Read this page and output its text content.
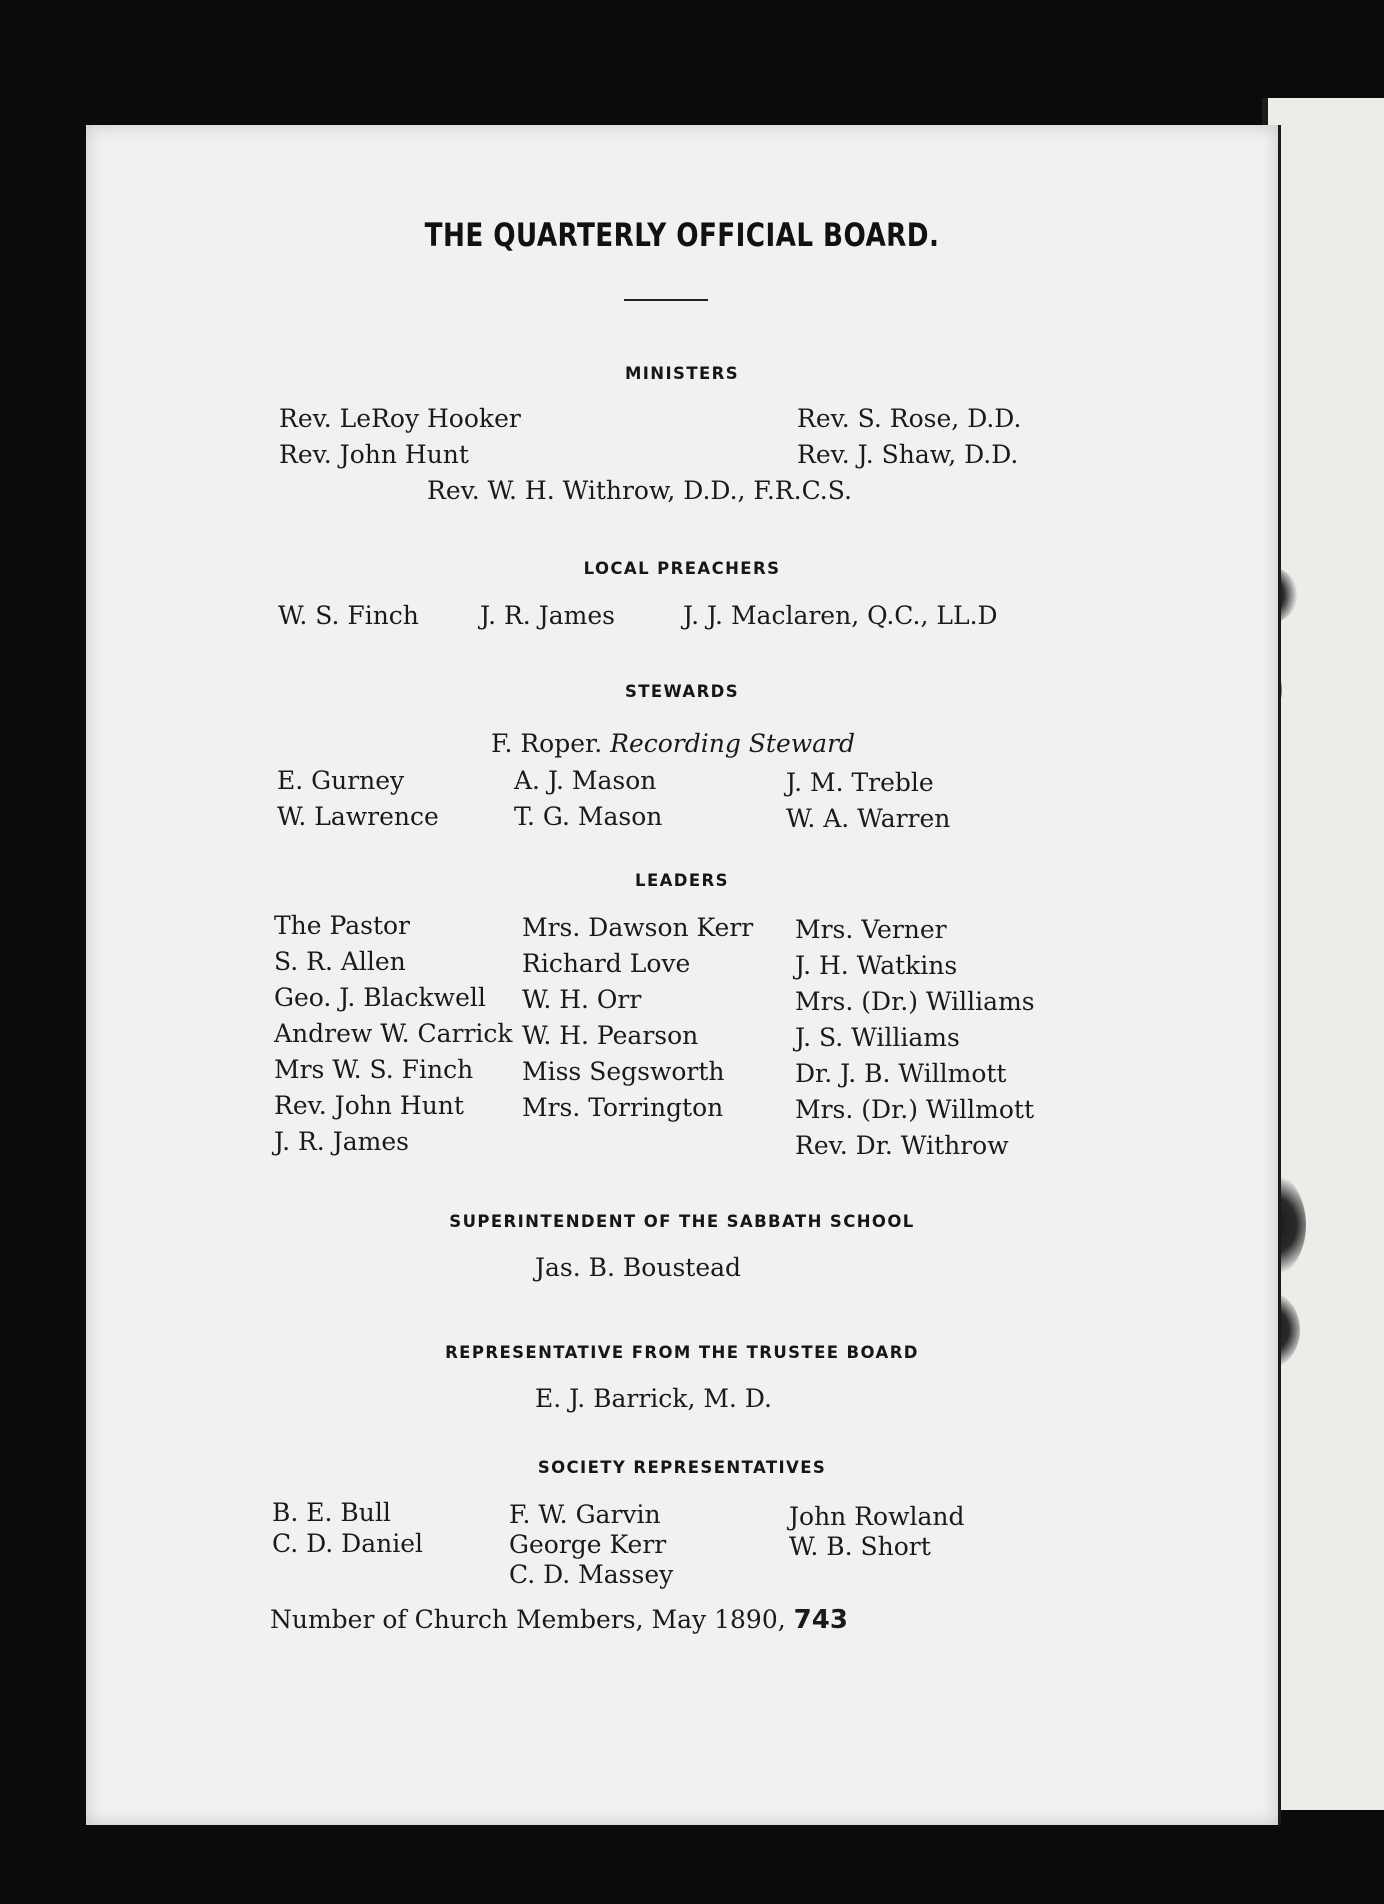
THE QUARTERLY OFFICIAL BOARD.
MINISTERS
Rev. LeRoy Hooker
Rev. John Hunt
Rev. S. Rose, D.D.
Rev. J. Shaw, D.D.
Rev. W. H. Withrow, D.D., F.R.C.S.
LOCAL PREACHERS
W. S. Finch J. R. James	J. J. Maclaren, Q.C., LL.D
STEWARDS
F. Roper. Recording Steward
E. Gurney
W. Lawrence
A. J. Mason
T. G. Mason
J. M. Treble
W. A. Warren
LEADERS
The Pastor
S. R. Allen
Geo. J. Blackwell
Andrew W. Carrick
Mrs W. S. Finch
Rev. John Hunt
J. R. James
Mrs. Dawson Kerr
Richard Love
W. H. Orr
W. H. Pearson
Miss Segsworth
Mrs. Torrington
Mrs. Verner
J. H. Watkins
Mrs. (Dr.) Williams
J. S. Williams
Dr. J. B. Willmott
Mrs. (Dr.) Willmott
Rev. Dr. Withrow
SUPERINTENDENT OF THE SABBATH SCHOOL
Jas. B. Boustead
REPRESENTATIVE FROM THE TRUSTEE BOARD
E. J. Barrick, M. D.
SOCIETY REPRESENTATIVES
B. E. Bull
C. D. Daniel
F. W. Garvin
George Kerr
C. D. Massey
John Rowland
W. B. Short
Number of Church Members, May 1890, 743
